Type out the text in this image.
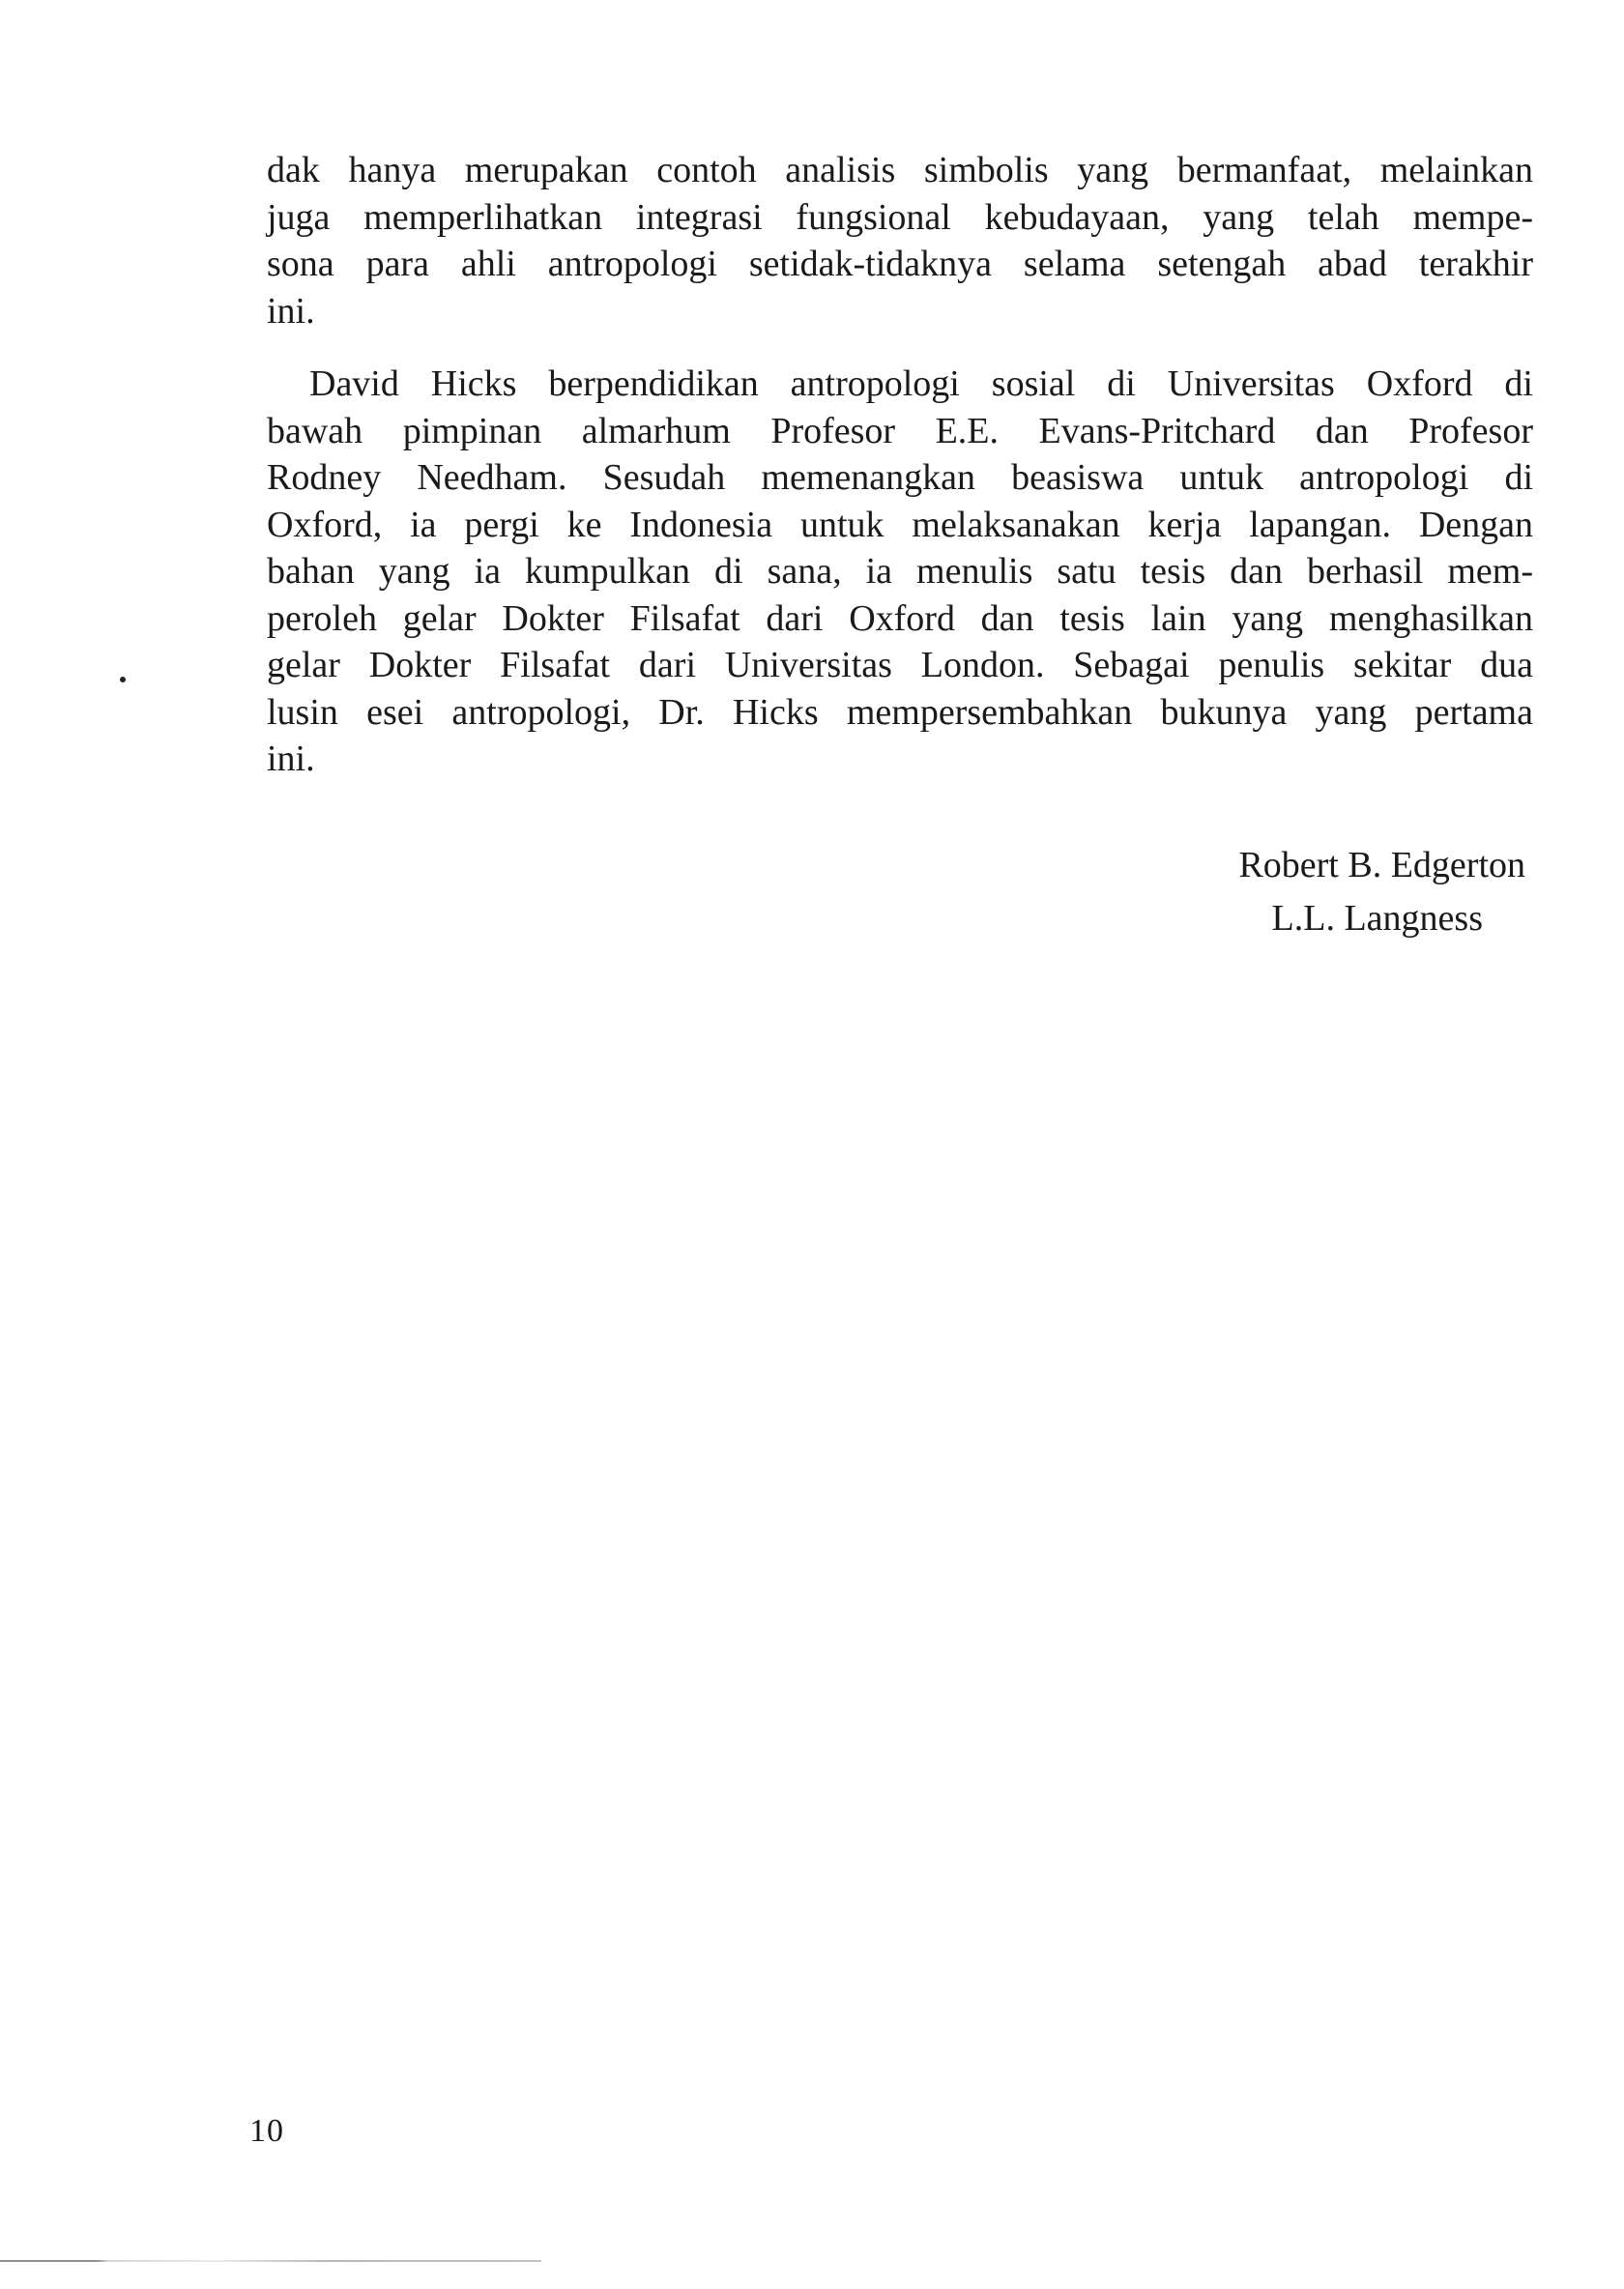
dak hanya merupakan contoh analisis simbolis yang bermanfaat, melainkan
juga memperlihatkan integrasi fungsional kebudayaan, yang telah mempe-
sona para ahli antropologi setidak-tidaknya selama setengah abad terakhir
ini.
David Hicks berpendidikan antropologi sosial di Universitas Oxford di
bawah pimpinan almarhum Profesor E.E. Evans-Pritchard dan Profesor
Rodney Needham. Sesudah memenangkan beasiswa untuk antropologi di
Oxford, ia pergi ke Indonesia untuk melaksanakan kerja lapangan. Dengan
bahan yang ia kumpulkan di sana, ia menulis satu tesis dan berhasil mem-
peroleh gelar Dokter Filsafat dari Oxford dan tesis lain yang menghasilkan
gelar Dokter Filsafat dari Universitas London. Sebagai penulis sekitar dua
lusin esei antropologi, Dr. Hicks mempersembahkan bukunya yang pertama
ini.
Robert B. Edgerton
L.L. Langness
10
